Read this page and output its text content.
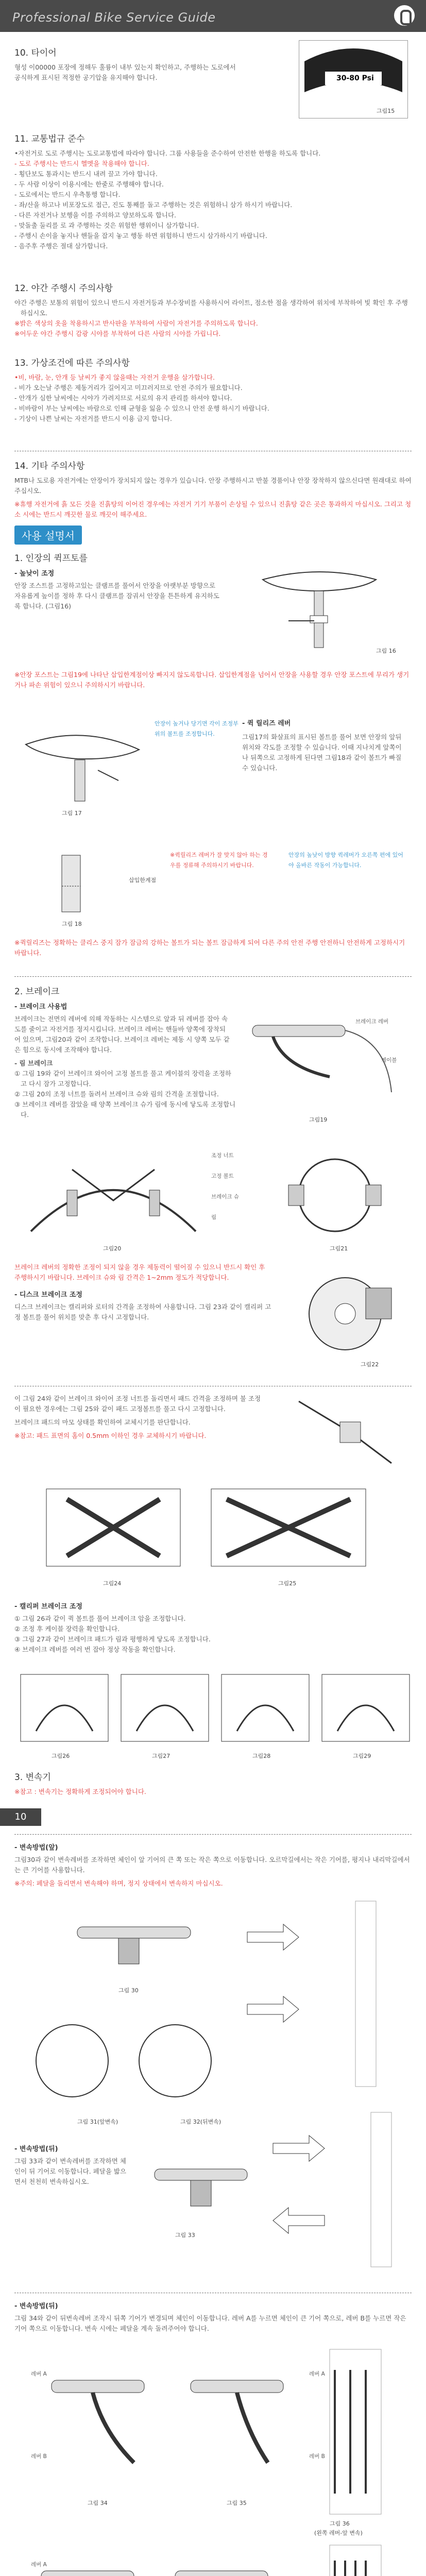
Professional Bike Service Guide
10. 타이어
형성 이00000 포장에 정해두 훌륭이 내부 있는지 확인하고, 주행하는 도로에서 공식하게 표시된 적정한 공기압을 유지해야 합니다.	30-80 Psi
그림15
11. 교통법규 준수

•자전거로 도로 주행시는 도로교통법에 따라야 합니다. 그룹 사용들을 준수하여 안전한 한행을 하도록 합니다.

- 도로 주행시는 반드시 헬멧을 착용해야 합니다.

- 횡단보도 통과시는 반드시 내려 끌고 가야 합니다.

- 두 사람 이상이 이용시에는 한줄로 주행해야 합니다.

- 도로에서는 반드시 우측통행 합니다.

- 좌/산을 하고나 비포장도로 접근, 진도 통째를 돌고 주행하는 것은 위험하니 삼가 하시기 바랍니다.

- 다른 자전거나 보행을 이를 주의하고 양보하도록 합니다.

- 맞돌출 둘리를 로 과 주행하는 것은 위험한 행위이니 삼가합니다.

- 주행시 손이을 놓지나 핸들을 잡지 놓고 행동 하면 위험하니 반드시 삼가하시기 바랍니다.

- 음주후 주행은 절대 삼가합니다.

12. 야간 주행시 주의사항

야간 주행은 보통의 위험이 있으니 반드시 자전거등과 부수장비를 사용하시어 라이트, 점소한 점을 생각하여 위치에 부착하여 빛 확인 후 주행하십시오.

※밝은 색상의 옷을 착용하시고 반사판을 부착하여 사람이 자전거를 주의하도록 합니다.

※어두운 야간 주행시 감광 시야를 부착하여 다른 사람의 시야를 가립니다.

13. 가상조건에 따른 주의사항

•비, 바람, 눈, 안개 등 날씨가 좋지 않을때는 자전거 운행을 삼가합니다.

- 비가 오는날 주행은 제동거리가 길어지고 미끄러지므로 안전 주의가 필요합니다.

- 안개가 심한 날씨에는 시야가 가려지므로 서로의 유지 관리를 하셔야 합니다.

- 비바람이 부는 날씨에는 바람으로 인해 균형을 잃을 수 있으니 안전 운행 하시기 바랍니다.

- 기상이 나쁜 날씨는 자전거를 반드시 이용 금지 합니다.

14. 기타 주의사항
MTB나 도로용 자전거에는 안장이가 장치되지 않는 경우가 있습니다. 안장 주행하시고 반불 경품이나 안장 장착하지 않으신다면 원래대로 하여주십시오.
※휴행 자전거에 흙 모든 것을 진흙탕의 이어진 경우에는 자전거 기기 부품이 손상될 수 있으니 진흙탕 같은 곳은 통과하지 마십시오. 그리고 청소 시에는 반드시 깨끗한 물로 깨끗이 해주세요.
사용 설명서
1. 인장의 퀵프토를
- 높낮이 조정
안장 조스트를 고정하고있는 클램프를 풀어서 안장을 아랫부분 방향으로 자유롭게 높이를 정하 후 다시 클램프를 잠궈서 안장을 튼튼하게 유지하도록 합니다. (그림16)
그림 16
※안장 포스트는 그림19에 나타난 삽입한계점이상 빠지지 않도록합니다. 삽입한계점을 넘어서 안장을 사용할 경우 안장 포스트에 무리가 생기거나 파손 위험이 있으니 주의하시기 바랍니다.
그림 17
안장이 높거나 당기면 각이 조정부위의 볼트를 조정합니다.
- 퀵 릴리즈 레버
그림17의 화살표의 표시된 볼트를 풀어 보면 안장의 앞뒤 위치와 각도를 조정할 수 있습니다. 이때 지나치게 앞쪽이나 뒤쪽으로 고정하게 된다면 그림18과 같이 볼트가 빠질 수 있습니다.
삽입한계점
그림 18
※퀵릴리즈 레버가 잘 맞지 않아 하는 경우를 정류해 주의하시기 바랍니다.
안장의 높낮이 방향 퀵레버가 오른쪽 편에 있어야 올바른 작동이 가능합니다.
※퀵릴리즈는 정확하는 클리스 중지 잠가 잠금의 강하는 볼트가 되는 볼트 잠금하게 되어 다른 주의 안전 주행 안전하니 안전하게 고정하시기 바랍니다.
2. 브레이크
- 브레이크 사용법
브레이크는 전면의 레버에 의해 작동하는 시스템으로 앞과 뒤 레버를 잡아 속도를 줄이고 자전거를 정지시킵니다. 브레이크 레버는 핸들바 양쪽에 장착되어 있으며, 그림20과 같이 조작합니다. 브레이크 레버는 제동 시 양쪽 모두 같은 힘으로 동시에 조작해야 합니다.

- 림 브레이크

① 그림 19와 같이 브레이크 와이어 고정 볼트를 풀고 케이블의 장력을 조정하고 다시 잠가 고정합니다.

② 그림 20의 조정 너트를 돌려서 브레이크 슈와 림의 간격을 조절합니다.

③ 브레이크 레버를 잡았을 때 양쪽 브레이크 슈가 림에 동시에 닿도록 조정합니다.

브레이크 레버
케이블
그림19
조정 너트
고정 볼트
브레이크 슈
림
그림20	그림21
브레이크 레버의 정확한 조정이 되지 않을 경우 제동력이 떨어질 수 있으니 반드시 확인 후 주행하시기 바랍니다. 브레이크 슈와 림 간격은 1~2mm 정도가 적당합니다.
- 디스크 브레이크 조정
디스크 브레이크는 캘리퍼와 로터의 간격을 조정하여 사용합니다. 그림 23과 같이 캘리퍼 고정 볼트를 풀어 위치를 맞춘 후 다시 고정합니다.
그림22
이 그림 24와 같이 브레이크 와이어 조정 너트를 돌리면서 패드 간격을 조정하며 불 조정이 필요한 경우에는 그림 25와 같이 패드 고정볼트를 풀고 다시 고정합니다.
브레이크 패드의 마모 상태를 확인하여 교체시기를 판단합니다.
※참고: 패드 표면의 홈이 0.5mm 이하인 경우 교체하시기 바랍니다.
그림24	그림25
- 캘리퍼 브레이크 조정

① 그림 26과 같이 퀵 볼트를 풀어 브레이크 암을 조정합니다.

② 조정 후 케이블 장력을 확인합니다.

③ 그림 27과 같이 브레이크 패드가 림과 평행하게 닿도록 조정합니다.

④ 브레이크 레버를 여러 번 잡아 정상 작동을 확인합니다.

그림26	그림27	그림28	그림29
3. 변속기
※참고 : 변속기는 정확하게 조정되어야 합니다.
10
- 변속방법(앞)
그림30과 같이 변속레버를 조작하면 체인이 앞 기어의 큰 쪽 또는 작은 쪽으로 이동합니다. 오르막길에서는 작은 기어를, 평지나 내리막길에서는 큰 기어를 사용합니다.
※주의: 페달을 돌리면서 변속해야 하며, 정지 상태에서 변속하지 마십시오.
그림 30
그림 31(앞변속)	그림 32(뒤변속)
- 변속방법(뒤)
그림 33과 같이 변속레버를 조작하면 체인이 뒤 기어로 이동합니다. 페달을 밟으면서 천천히 변속하십시오.
그림 33
- 변속방법(뒤)
그림 34와 같이 뒤변속레버 조작시 뒤쪽 기어가 변경되며 체인이 이동합니다. 레버 A를 누르면 체인이 큰 기어 쪽으로, 레버 B를 누르면 작은 기어 쪽으로 이동합니다. 변속 시에는 페달을 계속 돌려주어야 합니다.
레버 A
레버 B
그림 34	그림 35
레버 A
레버 B
그림 36
(왼쪽 레버-앞 변속)
레버 A
